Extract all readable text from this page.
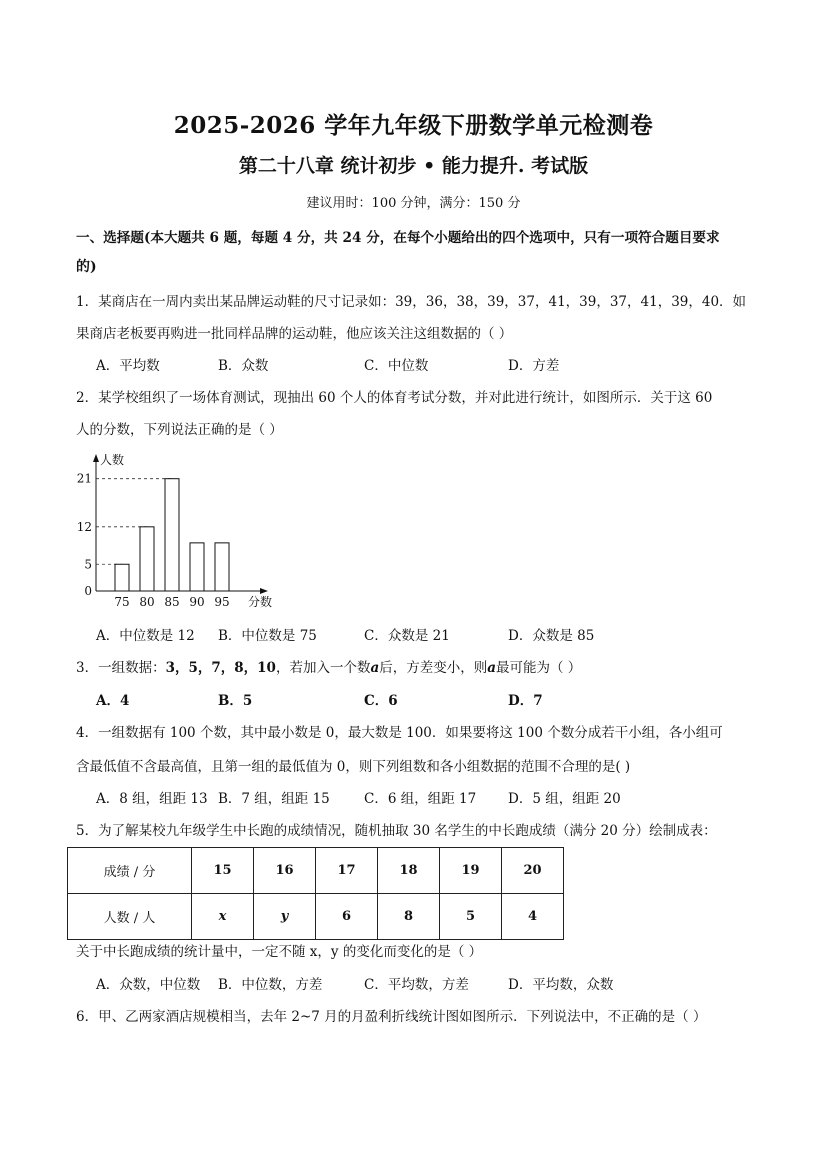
2025-2026 学年九年级下册数学单元检测卷
第二十八章 统计初步 • 能力提升. 考试版
建议用时：100 分钟，满分：150 分
一、选择题(本大题共 6 题，每题 4 分，共 24 分，在每个小题给出的四个选项中，只有一项符合题目要求
的)
1．某商店在一周内卖出某品牌运动鞋的尺寸记录如：39，36，38，39，37，41，39，37，41，39，40．如
果商店老板要再购进一批同样品牌的运动鞋，他应该关注这组数据的（ ）
A．平均数	B．众数	C．中位数	D．方差
2．某学校组织了一场体育测试，现抽出 60 个人的体育考试分数，并对此进行统计，如图所示．关于这 60
人的分数，下列说法正确的是（ ）
人数
分数
0
5
12
21
75 80 85 90 95
A．中位数是 12 B．中位数是 75	C．众数是 21	D．众数是 85
3．一组数据：3，5，7，8，10，若加入一个数a后，方差变小，则a最可能为（ ）
A．4	B．5	C．6	D．7
4．一组数据有 100 个数，其中最小数是 0，最大数是 100．如果要将这 100 个数分成若干小组，各小组可
含最低值不含最高值，且第一组的最低值为 0，则下列组数和各小组数据的范围不合理的是( )
A．8 组，组距 13 B．7 组，组距 15	C．6 组，组距 17 D．5 组，组距 20
5．为了解某校九年级学生中长跑的成绩情况，随机抽取 30 名学生的中长跑成绩（满分 20 分）绘制成表：
成绩 / 分	15	16	17	18	19	20
人数 / 人	x	y	6	8	5	4
关于中长跑成绩的统计量中，一定不随 x，y 的变化而变化的是（ ）
A．众数，中位数 B．中位数，方差	C．平均数，方差	D．平均数，众数
6．甲、乙两家酒店规模相当，去年 2~7 月的月盈利折线统计图如图所示．下列说法中，不正确的是（ ）
